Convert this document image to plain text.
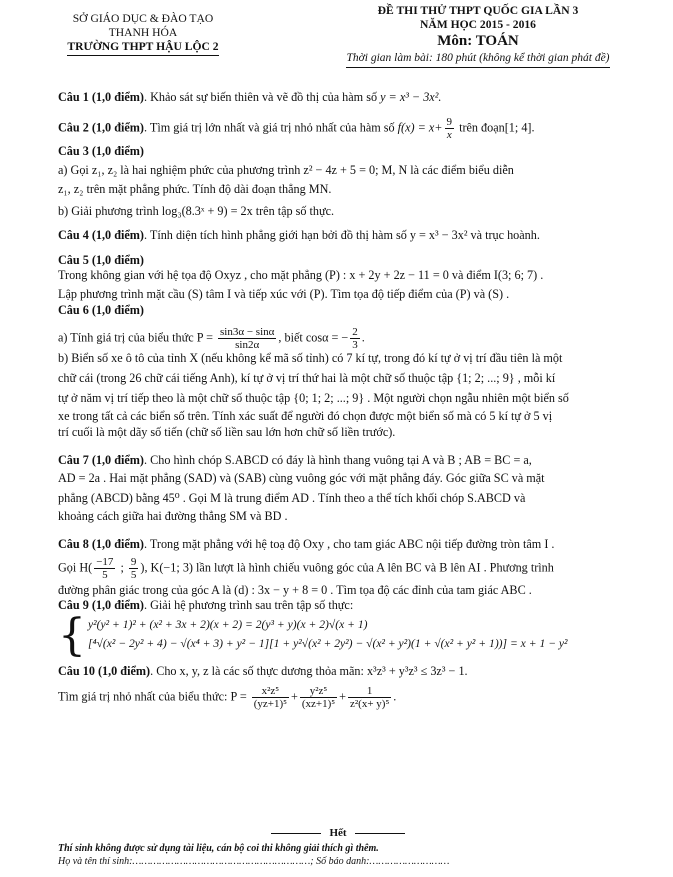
SỞ GIÁO DỤC & ĐÀO TẠO
THANH HÓA
TRƯỜNG THPT HẬU LỘC 2
ĐỀ THI THỬ THPT QUỐC GIA LẦN 3
NĂM HỌC 2015 - 2016
Môn: TOÁN
Thời gian làm bài: 180 phút (không kể thời gian phát đề)

Câu 1 (1,0 điểm). Khảo sát sự biến thiên và vẽ đồ thị của hàm số y = x³ − 3x².

Câu 2 (1,0 điểm). Tìm giá trị lớn nhất và giá trị nhỏ nhất của hàm số $f(x) = x+ \frac{9}{x}$ trên đoạn[1; 4].

Câu 3 (1,0 điểm)

a) Gọi z₁, z₂ là hai nghiệm phức của phương trình z² − 4z + 5 = 0; M, N là các điểm biểu diễn

z₁, z₂ trên mặt phẳng phức. Tính độ dài đoạn thẳng MN.

b) Giải phương trình log₃(8.3ˣ + 9) = 2x trên tập số thực.

Câu 4 (1,0 điểm). Tính diện tích hình phẳng giới hạn bởi đồ thị hàm số y = x³ − 3x² và trục hoành.

Câu 5 (1,0 điểm)

Trong không gian với hệ tọa độ Oxyz , cho mặt phẳng (P) : x + 2y + 2z − 11 = 0 và điểm I(3; 6; 7) .

Lập phương trình mặt cầu (S) tâm I và tiếp xúc với (P). Tìm tọa độ tiếp điểm của (P) và (S) .

Câu 6 (1,0 điểm)

a) Tính giá trị của biểu thức $P = \frac{\sin 3\alpha - \sin\alpha}{\sin 2\alpha}$ , biết cosα = − $\frac{2}{3}$ .

b) Biển số xe ô tô của tỉnh X (nếu không kể mã số tỉnh) có 7 kí tự, trong đó kí tự ở vị trí đầu tiên là một

chữ cái (trong 26 chữ cái tiếng Anh), kí tự ở vị trí thứ hai là một chữ số thuộc tập {1; 2; ...; 9} , mỗi kí

tự ở năm vị trí tiếp theo là một chữ số thuộc tập {0; 1; 2; ...; 9} . Một người chọn ngẫu nhiên một biển số

xe trong tất cả các biển số trên. Tính xác suất để người đó chọn được một biển số mà có 5 kí tự ở 5 vị

trí cuối là một dãy số tiến (chữ số liền sau lớn hơn chữ số liền trước).

Câu 7 (1,0 điểm). Cho hình chóp S.ABCD có đáy là hình thang vuông tại A và B ; AB = BC = a,

AD = 2a . Hai mặt phẳng (SAD) và (SAB) cùng vuông góc với mặt phẳng đáy. Góc giữa SC và mặt

phẳng (ABCD) bằng 45⁰ . Gọi M là trung điểm AD . Tính theo a thể tích khối chóp S.ABCD và

khoảng cách giữa hai đường thẳng SM và BD .

Câu 8 (1,0 điểm). Trong mặt phẳng với hệ toạ độ Oxy , cho tam giác ABC nội tiếp đường tròn tâm I .

Gọi $H( \frac{-17}{5}$ ; $\frac{9}{5}$ ), K(−1; 3) lần lượt là hình chiếu vuông góc của A lên BC và B lên AI . Phương trình

đường phân giác trong của góc A là (d) : 3x − y + 8 = 0 . Tìm tọa độ các đỉnh của tam giác ABC .

Câu 9 (1,0 điểm). Giải hệ phương trình sau trên tập số thực:

{ y²(y² + 1)² + (x² + 3x + 2)(x + 2) = 2(y³ + y)(x + 2)√(x + 1)
[⁴√(x² − 2y² + 4) − √(x⁴ + 3) + y² − 1][1 + y²√(x² + 2y²) − √(x² + y²)(1 + √(x² + y² + 1))] = x + 1 − y²

Câu 10 (1,0 điểm). Cho x, y, z là các số thực dương thỏa mãn: x³z³ + y³z³ ≤ 3z³ − 1.

Tìm giá trị nhỏ nhất của biểu thức: $P = \frac{\text{x²z⁵}}{\text{(yz+1)⁵}} + \frac{\text{y²z⁵}}{\text{(xz+1)⁵}} + \frac{1}{\text{z²(x+ y)⁵}}$ .

Hết

Thí sinh không được sử dụng tài liệu, cán bộ coi thi không giải thích gì thêm.

Họ và tên thí sinh:……………………………………………………; Số báo danh:………………………
